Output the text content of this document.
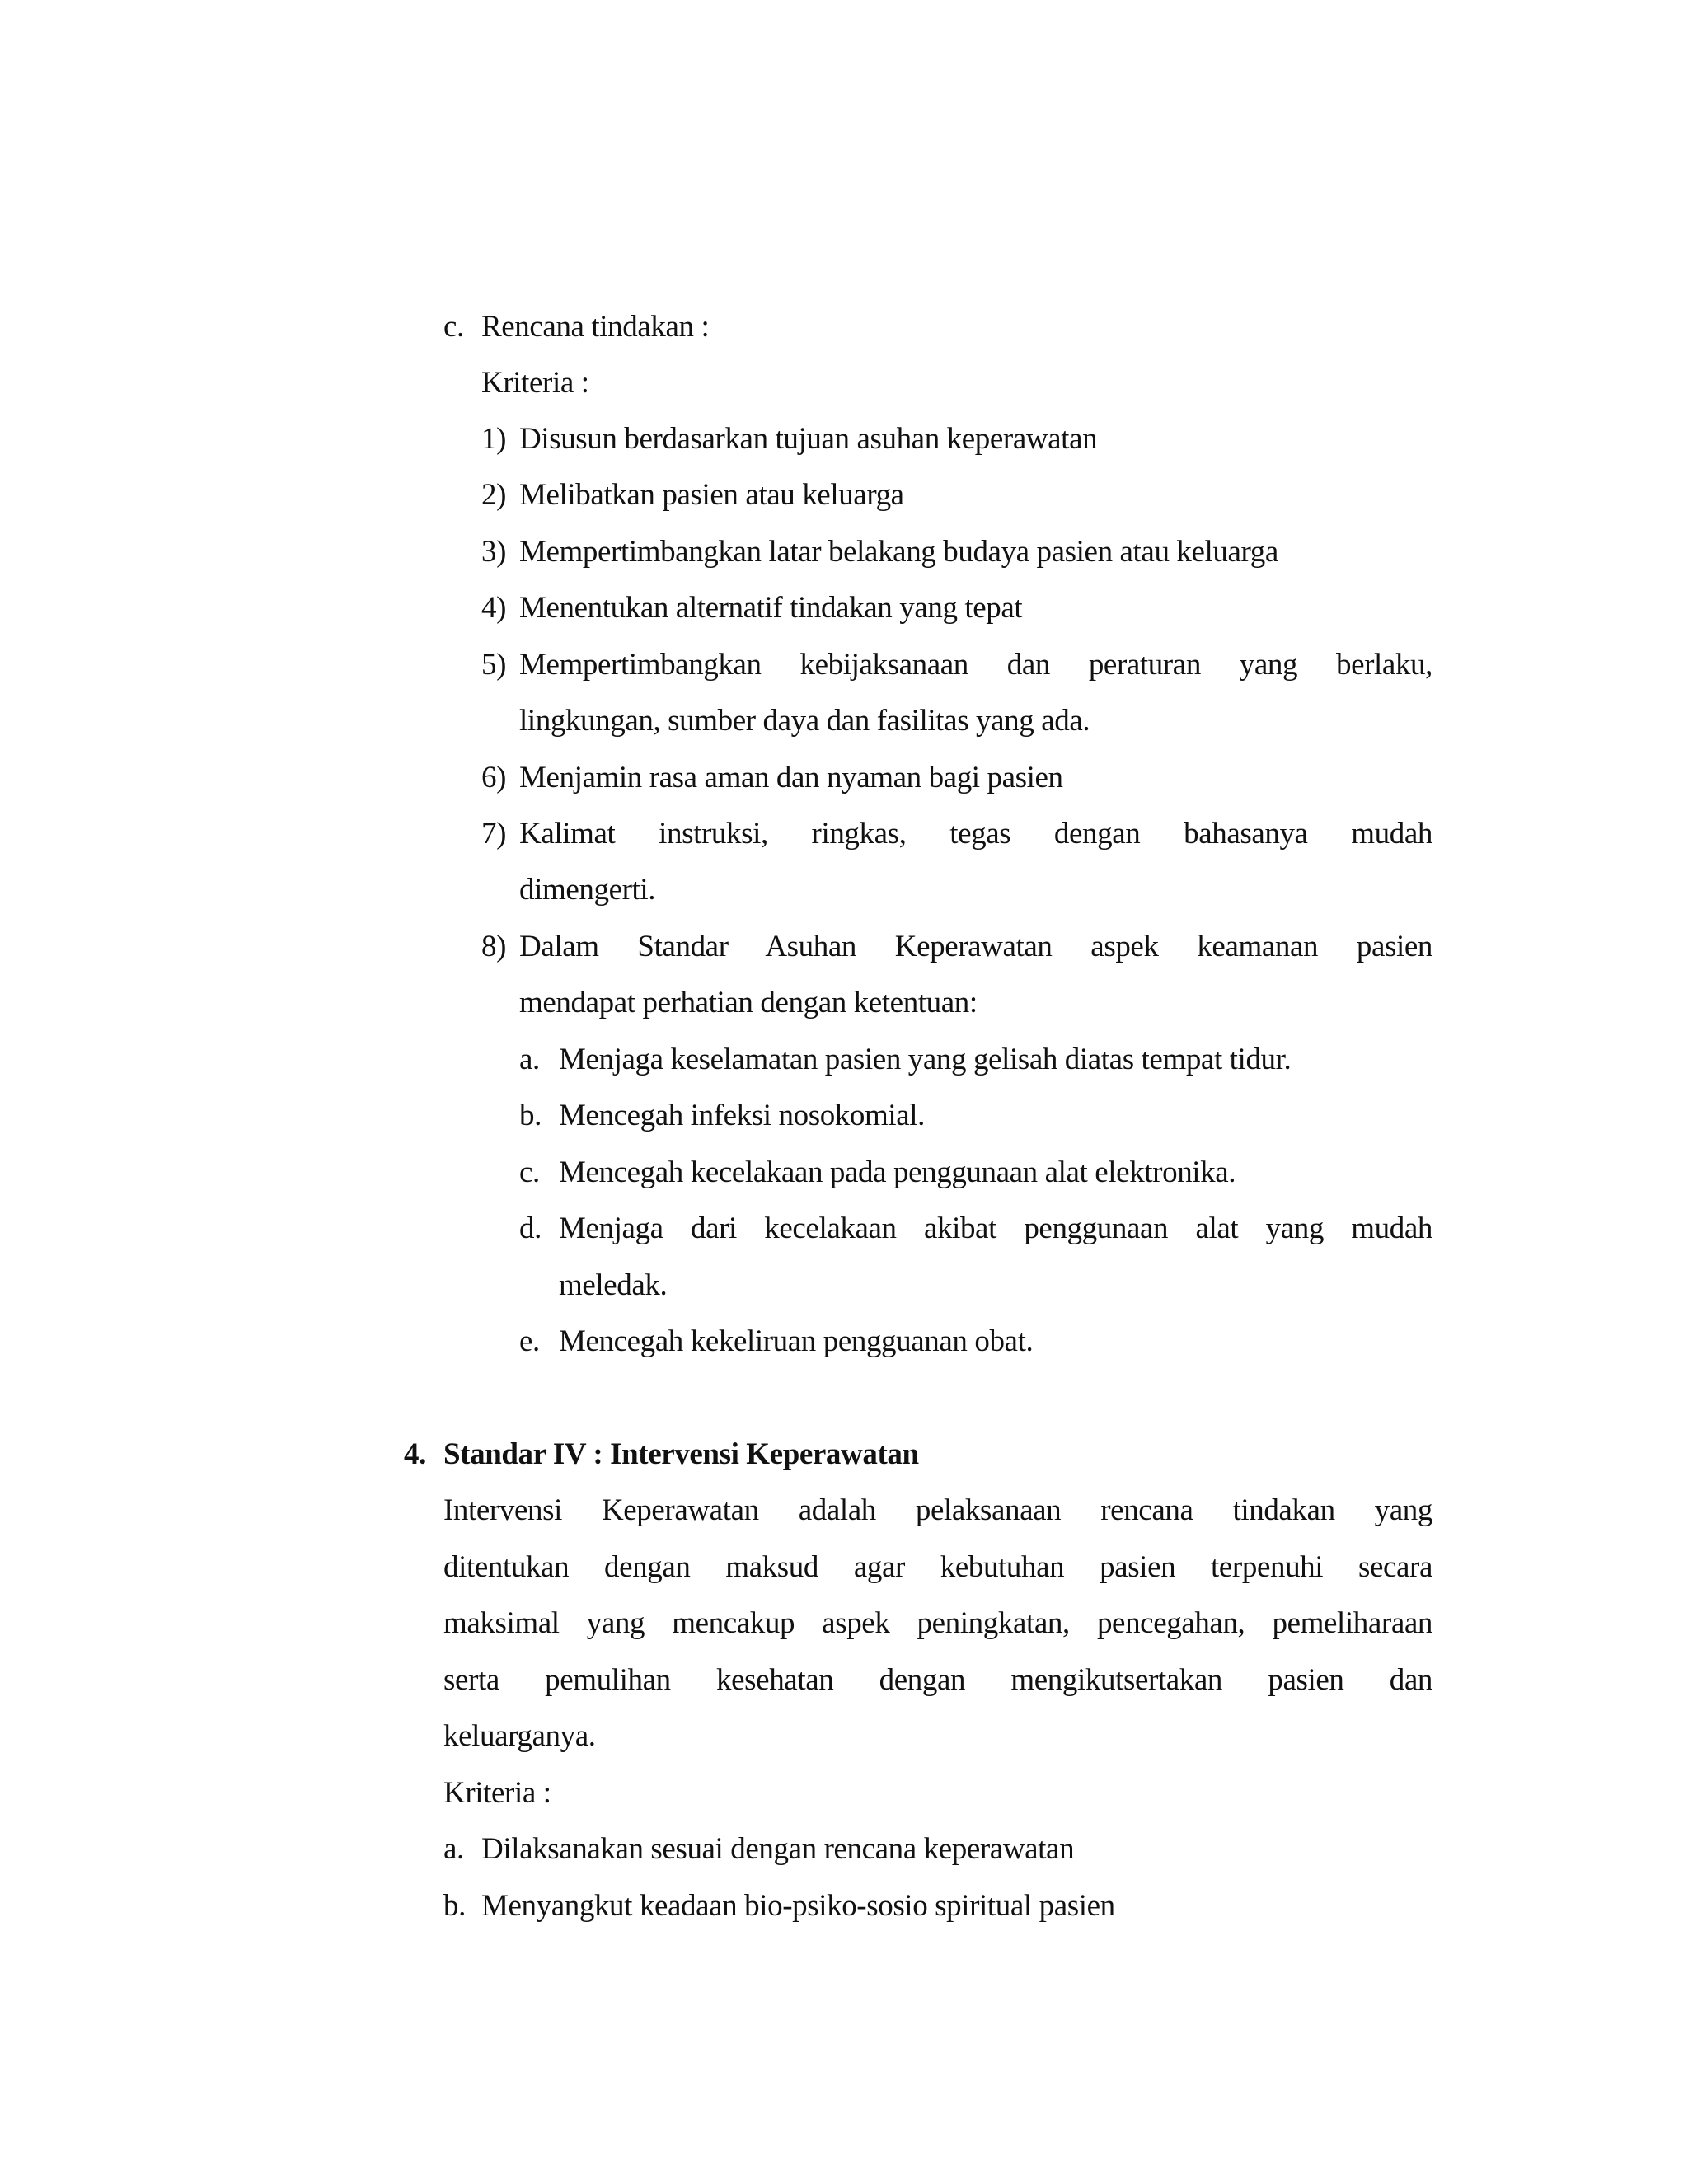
c. Rencana tindakan :
Kriteria :
1) Disusun berdasarkan tujuan asuhan keperawatan
2) Melibatkan pasien atau keluarga
3) Mempertimbangkan latar belakang budaya pasien atau keluarga
4) Menentukan alternatif tindakan yang tepat
5) Mempertimbangkan kebijaksanaan dan peraturan yang berlaku,
lingkungan, sumber daya dan fasilitas yang ada.
6) Menjamin rasa aman dan nyaman bagi pasien
7) Kalimat instruksi, ringkas, tegas dengan bahasanya mudah
dimengerti.
8) Dalam Standar Asuhan Keperawatan aspek keamanan pasien
mendapat perhatian dengan ketentuan:
a. Menjaga keselamatan pasien yang gelisah diatas tempat tidur.
b. Mencegah infeksi nosokomial.
c. Mencegah kecelakaan pada penggunaan alat elektronika.
d. Menjaga dari kecelakaan akibat penggunaan alat yang mudah
meledak.
e. Mencegah kekeliruan pengguanan obat.
4. Standar IV : Intervensi Keperawatan
Intervensi Keperawatan adalah pelaksanaan rencana tindakan yang
ditentukan dengan maksud agar kebutuhan pasien terpenuhi secara
maksimal yang mencakup aspek peningkatan, pencegahan, pemeliharaan
serta pemulihan kesehatan dengan mengikutsertakan pasien dan
keluarganya.
Kriteria :
a. Dilaksanakan sesuai dengan rencana keperawatan
b. Menyangkut keadaan bio-psiko-sosio spiritual pasien
